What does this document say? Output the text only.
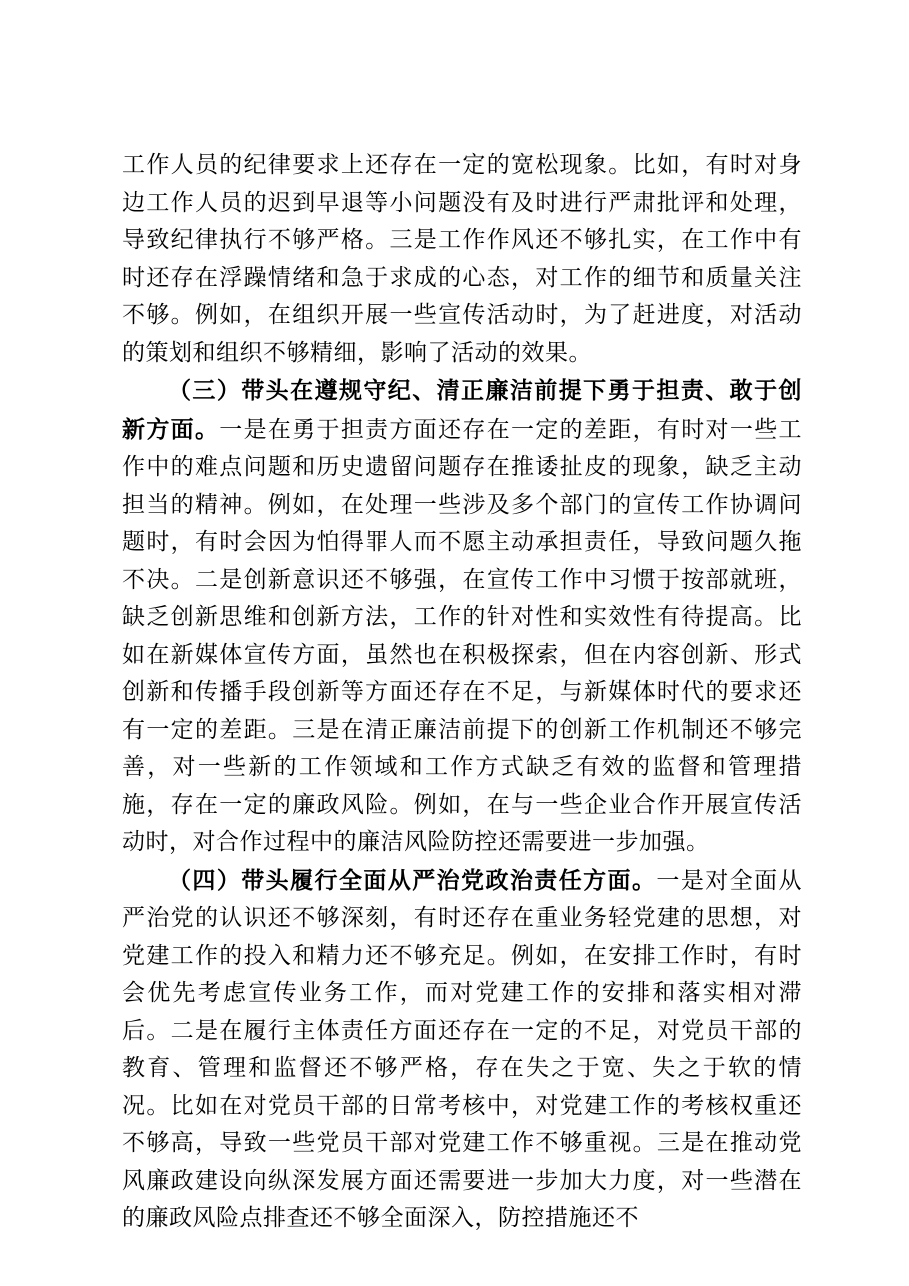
工作人员的纪律要求上还存在一定的宽松现象。比如，有时对身边工作人员的迟到早退等小问题没有及时进行严肃批评和处理，导致纪律执行不够严格。三是工作作风还不够扎实，在工作中有时还存在浮躁情绪和急于求成的心态，对工作的细节和质量关注不够。例如，在组织开展一些宣传活动时，为了赶进度，对活动的策划和组织不够精细，影响了活动的效果。

（三）带头在遵规守纪、清正廉洁前提下勇于担责、敢于创新方面。一是在勇于担责方面还存在一定的差距，有时对一些工作中的难点问题和历史遗留问题存在推诿扯皮的现象，缺乏主动担当的精神。例如，在处理一些涉及多个部门的宣传工作协调问题时，有时会因为怕得罪人而不愿主动承担责任，导致问题久拖不决。二是创新意识还不够强，在宣传工作中习惯于按部就班，缺乏创新思维和创新方法，工作的针对性和实效性有待提高。比如在新媒体宣传方面，虽然也在积极探索，但在内容创新、形式创新和传播手段创新等方面还存在不足，与新媒体时代的要求还有一定的差距。三是在清正廉洁前提下的创新工作机制还不够完善，对一些新的工作领域和工作方式缺乏有效的监督和管理措施，存在一定的廉政风险。例如，在与一些企业合作开展宣传活动时，对合作过程中的廉洁风险防控还需要进一步加强。

（四）带头履行全面从严治党政治责任方面。一是对全面从严治党的认识还不够深刻，有时还存在重业务轻党建的思想，对党建工作的投入和精力还不够充足。例如，在安排工作时，有时会优先考虑宣传业务工作，而对党建工作的安排和落实相对滞后。二是在履行主体责任方面还存在一定的不足，对党员干部的教育、管理和监督还不够严格，存在失之于宽、失之于软的情况。比如在对党员干部的日常考核中，对党建工作的考核权重还不够高，导致一些党员干部对党建工作不够重视。三是在推动党风廉政建设向纵深发展方面还需要进一步加大力度，对一些潜在的廉政风险点排查还不够全面深入，防控措施还不
